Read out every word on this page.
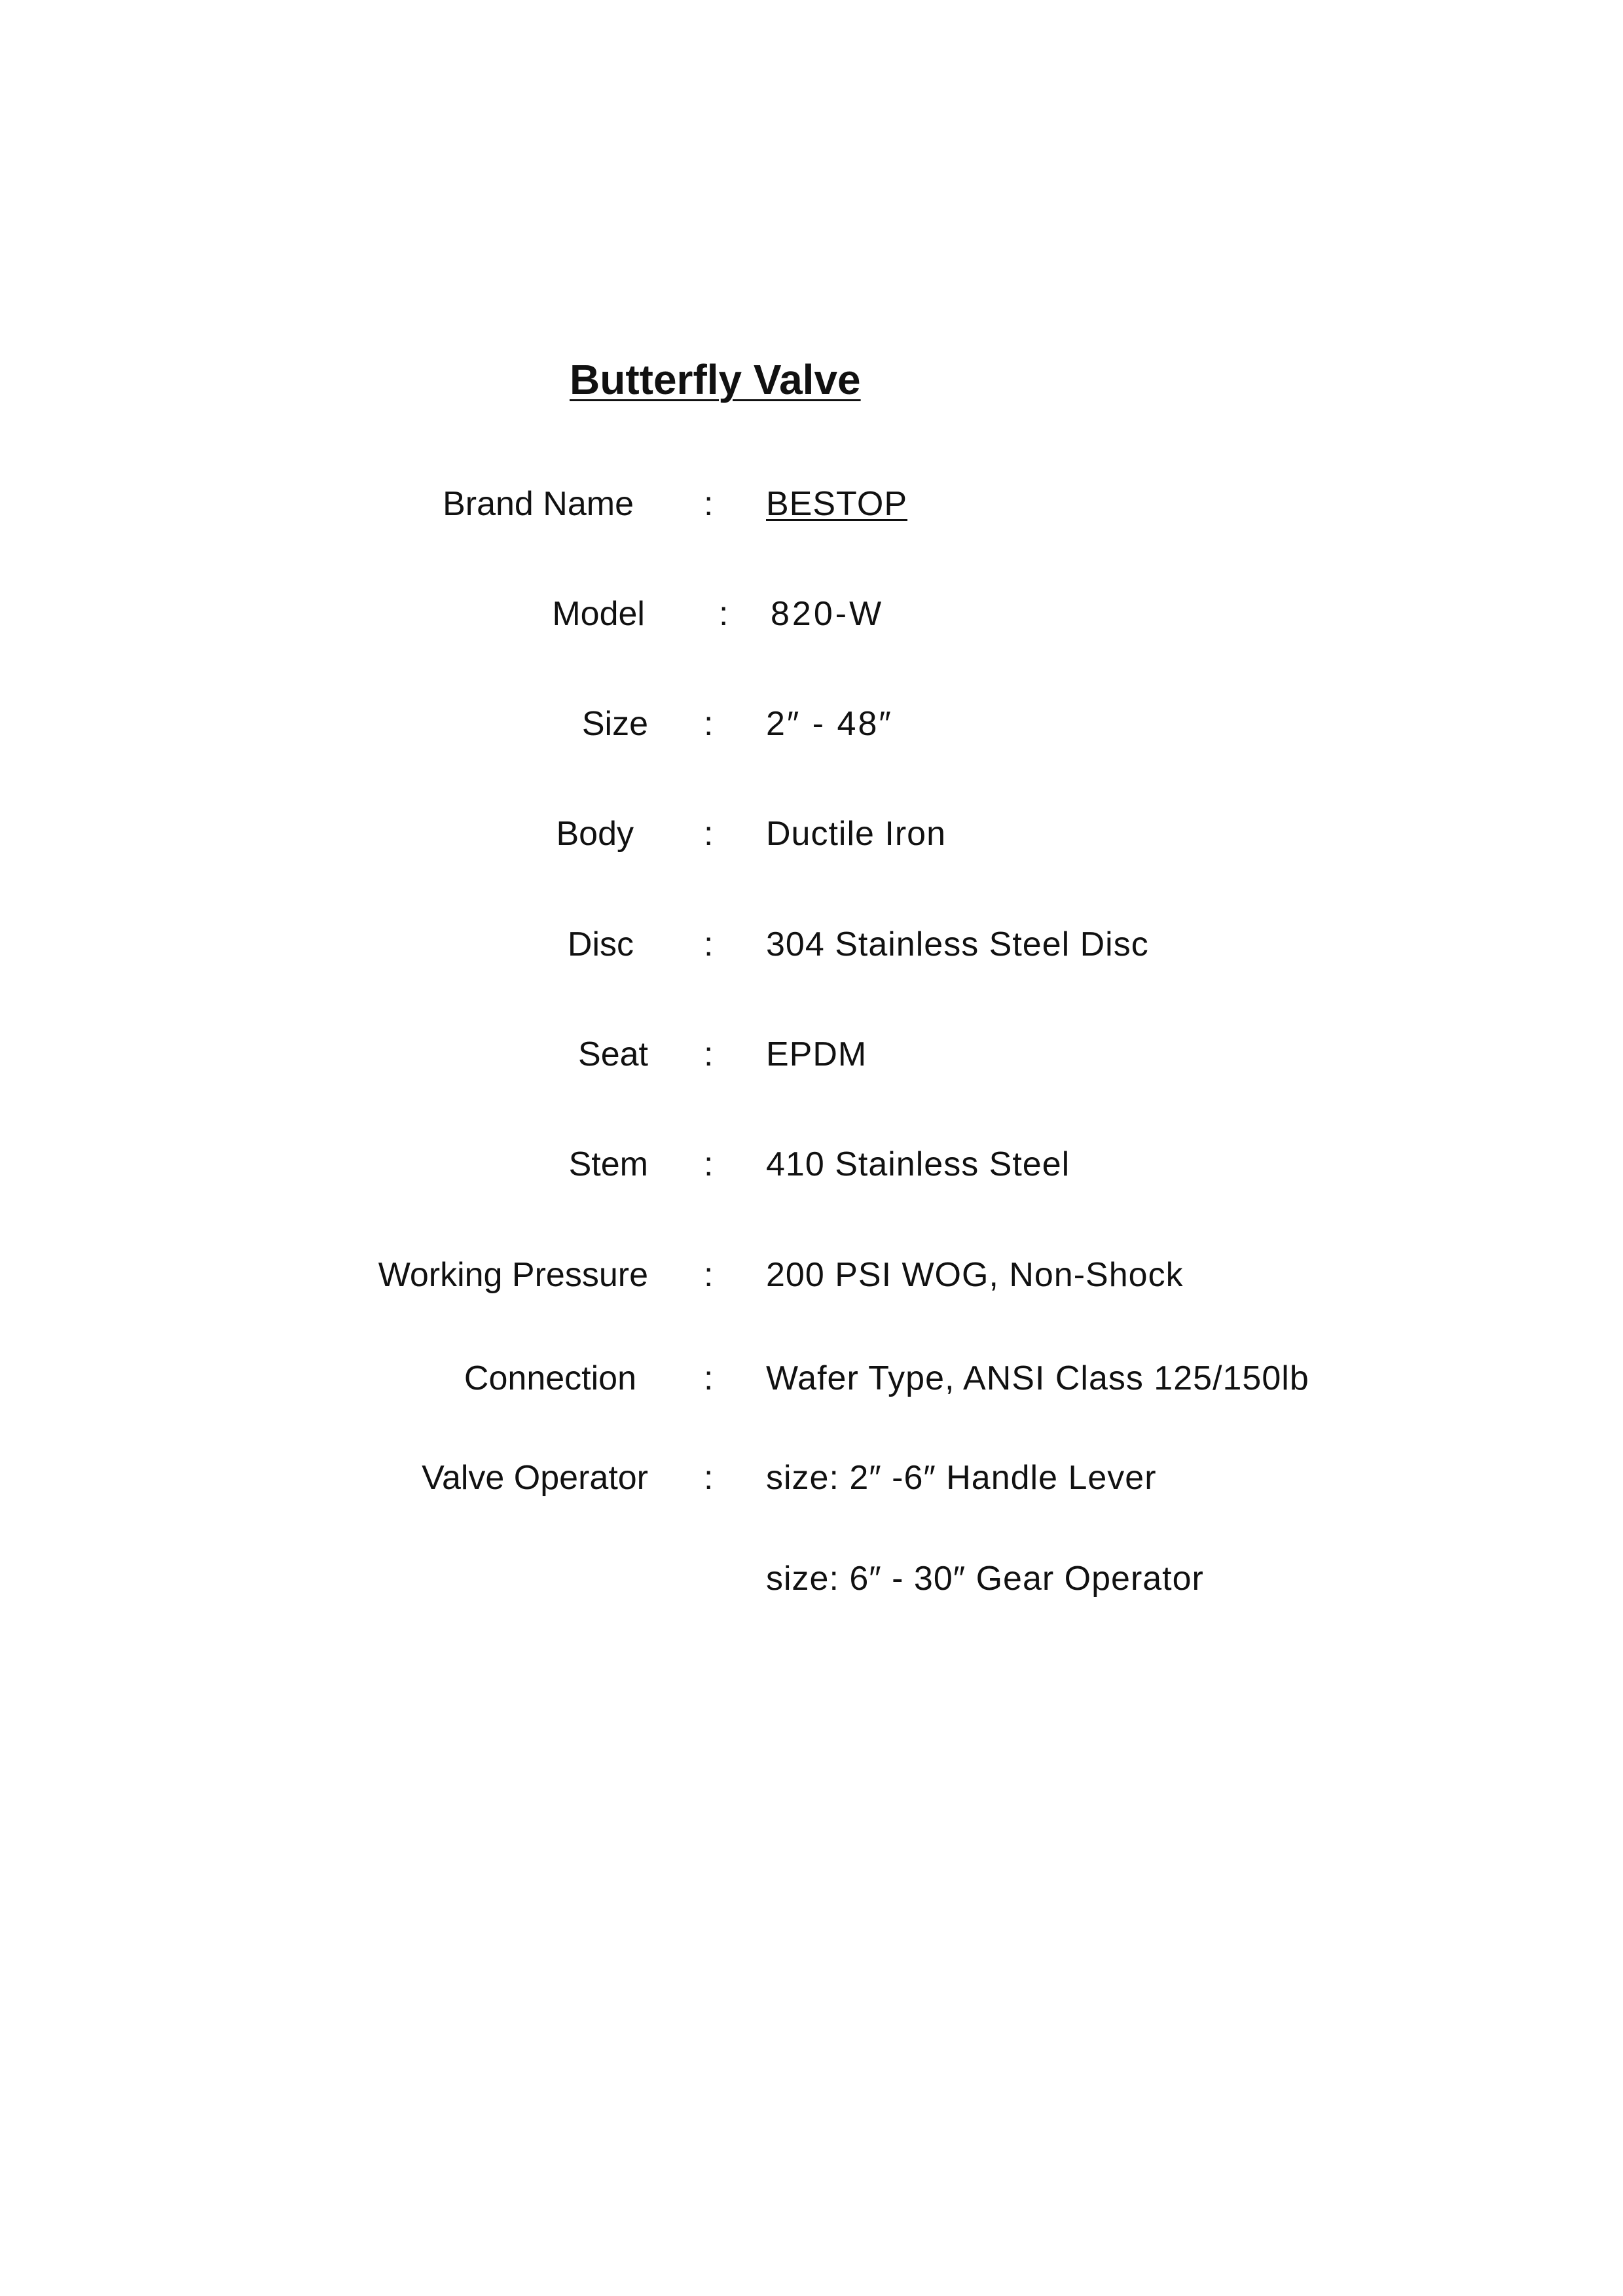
Butterfly Valve
Brand Name : BESTOP
Model : 820-W
Size : 2″ - 48″
Body : Ductile Iron
Disc : 304 Stainless Steel Disc
Seat : EPDM
Stem : 410 Stainless Steel
Working Pressure : 200 PSI WOG, Non-Shock
Connection : Wafer Type, ANSI Class 125/150lb
Valve Operator : size: 2″ -6″ Handle Lever
size: 6″ - 30″ Gear Operator
